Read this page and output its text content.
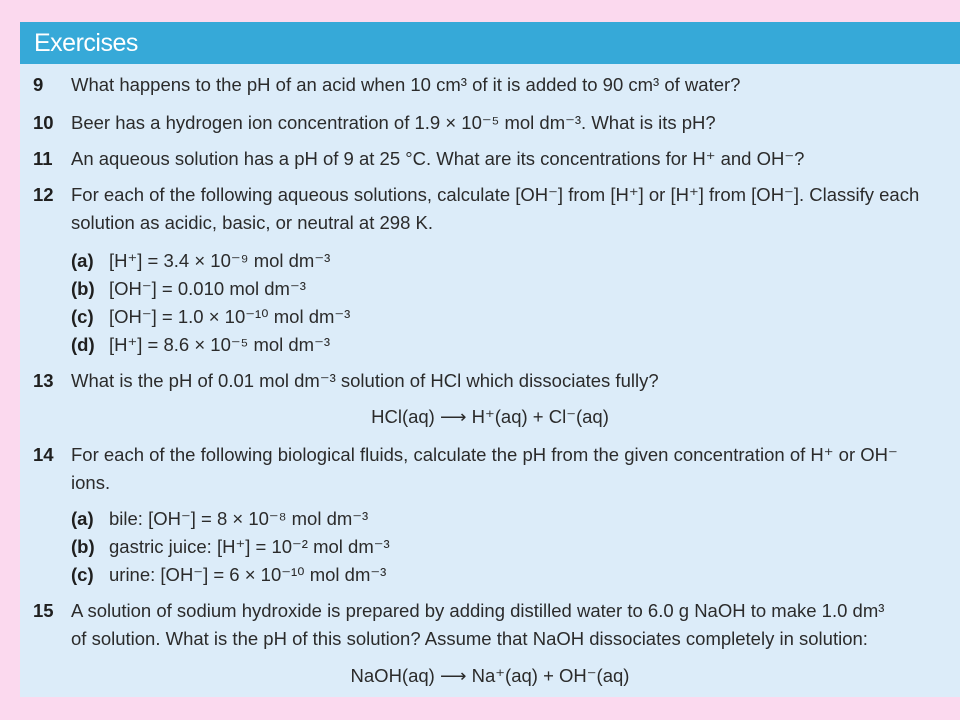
Exercises
9 What happens to the pH of an acid when 10 cm³ of it is added to 90 cm³ of water?
10 Beer has a hydrogen ion concentration of 1.9 × 10⁻⁵ mol dm⁻³. What is its pH?
11 An aqueous solution has a pH of 9 at 25 °C. What are its concentrations for H⁺ and OH⁻?
12 For each of the following aqueous solutions, calculate [OH⁻] from [H⁺] or [H⁺] from [OH⁻]. Classify each
solution as acidic, basic, or neutral at 298 K.
(a) [H⁺] = 3.4 × 10⁻⁹ mol dm⁻³
(b) [OH⁻] = 0.010 mol dm⁻³
(c) [OH⁻] = 1.0 × 10⁻¹⁰ mol dm⁻³
(d) [H⁺] = 8.6 × 10⁻⁵ mol dm⁻³
13 What is the pH of 0.01 mol dm⁻³ solution of HCl which dissociates fully?
HCl(aq) ⟶ H⁺(aq) + Cl⁻(aq)
14 For each of the following biological fluids, calculate the pH from the given concentration of H⁺ or OH⁻
ions.
(a) bile: [OH⁻] = 8 × 10⁻⁸ mol dm⁻³
(b) gastric juice: [H⁺] = 10⁻² mol dm⁻³
(c) urine: [OH⁻] = 6 × 10⁻¹⁰ mol dm⁻³
15 A solution of sodium hydroxide is prepared by adding distilled water to 6.0 g NaOH to make 1.0 dm³
of solution. What is the pH of this solution? Assume that NaOH dissociates completely in solution:
NaOH(aq) ⟶ Na⁺(aq) + OH⁻(aq)
